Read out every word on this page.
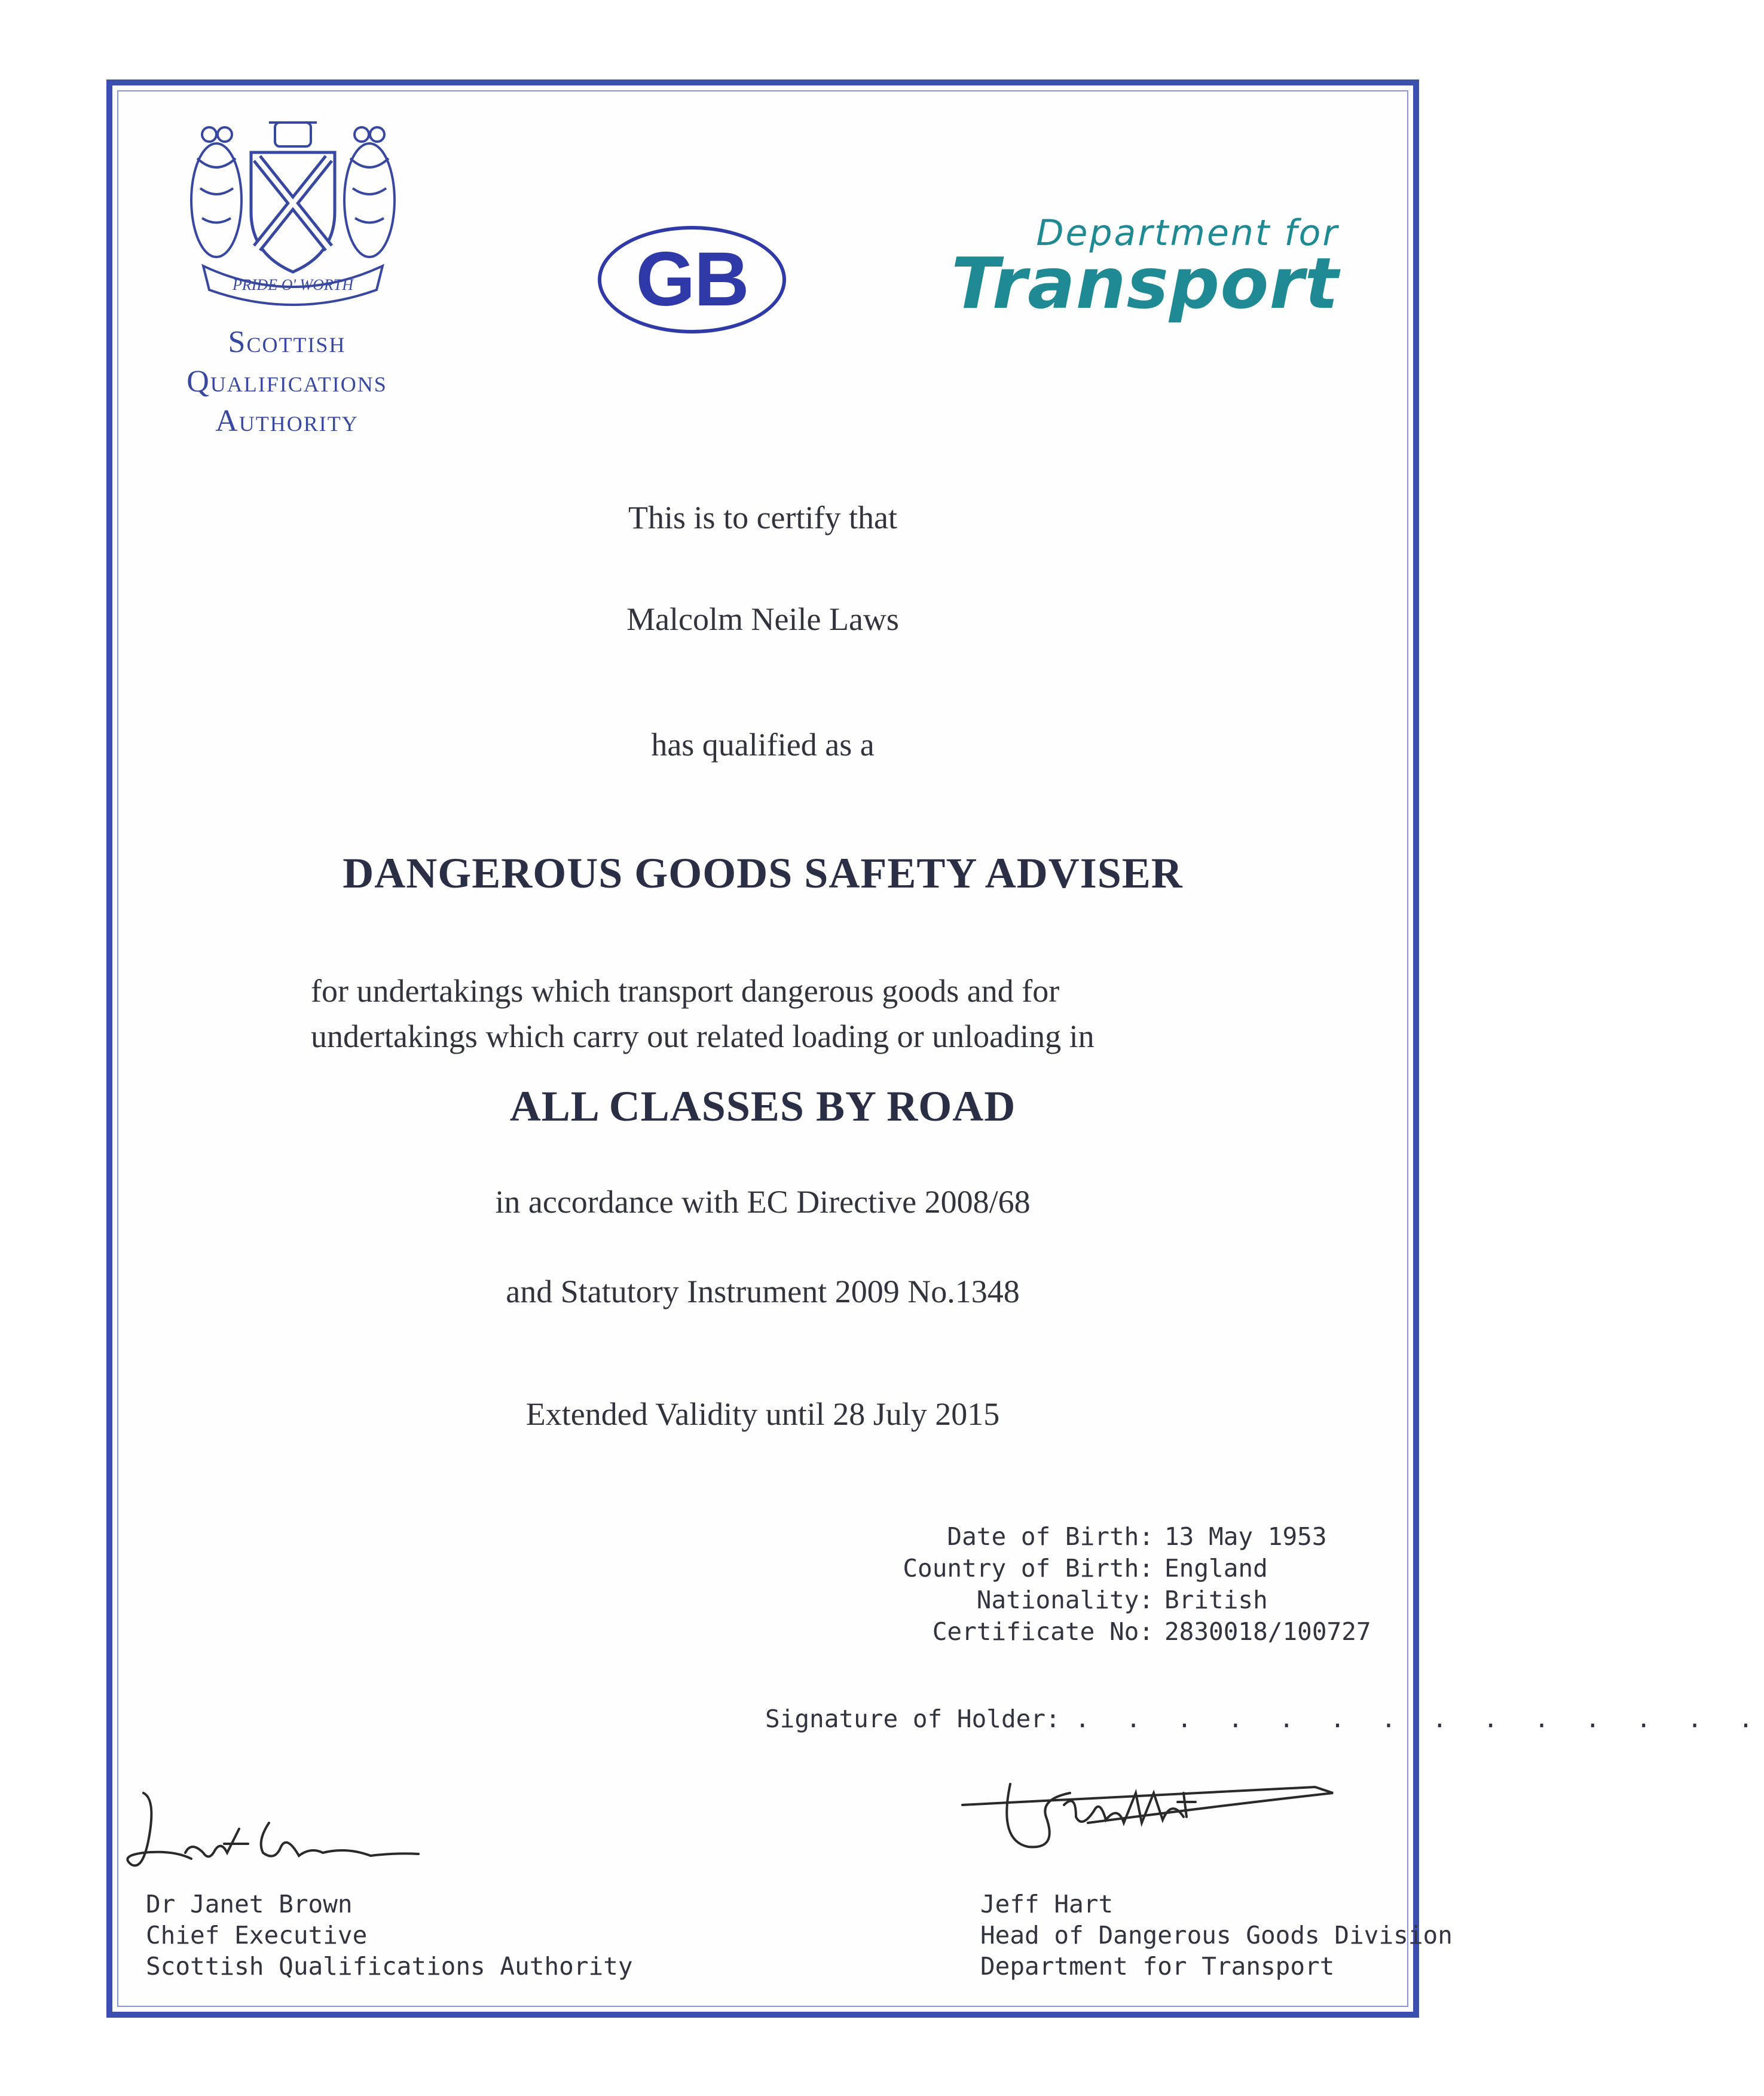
PRIDE O' WORTH
Scottish
Qualifications
Authority
GB
Department for
Transport
This is to certify that
Malcolm Neile Laws
has qualified as a
DANGEROUS GOODS SAFETY ADVISER
for undertakings which transport dangerous goods and for
undertakings which carry out related loading or unloading in
ALL CLASSES BY ROAD
in accordance with EC Directive 2008/68
and Statutory Instrument 2009 No.1348
Extended Validity until 28 July 2015
Date of Birth: 13 May 1953
Country of Birth: England
Nationality: British
Certificate No: 2830018/100727
Signature of Holder: . . . . . . . . . . . . . .
Dr Janet Brown
Chief Executive
Scottish Qualifications Authority
Jeff Hart
Head of Dangerous Goods Division
Department for Transport
